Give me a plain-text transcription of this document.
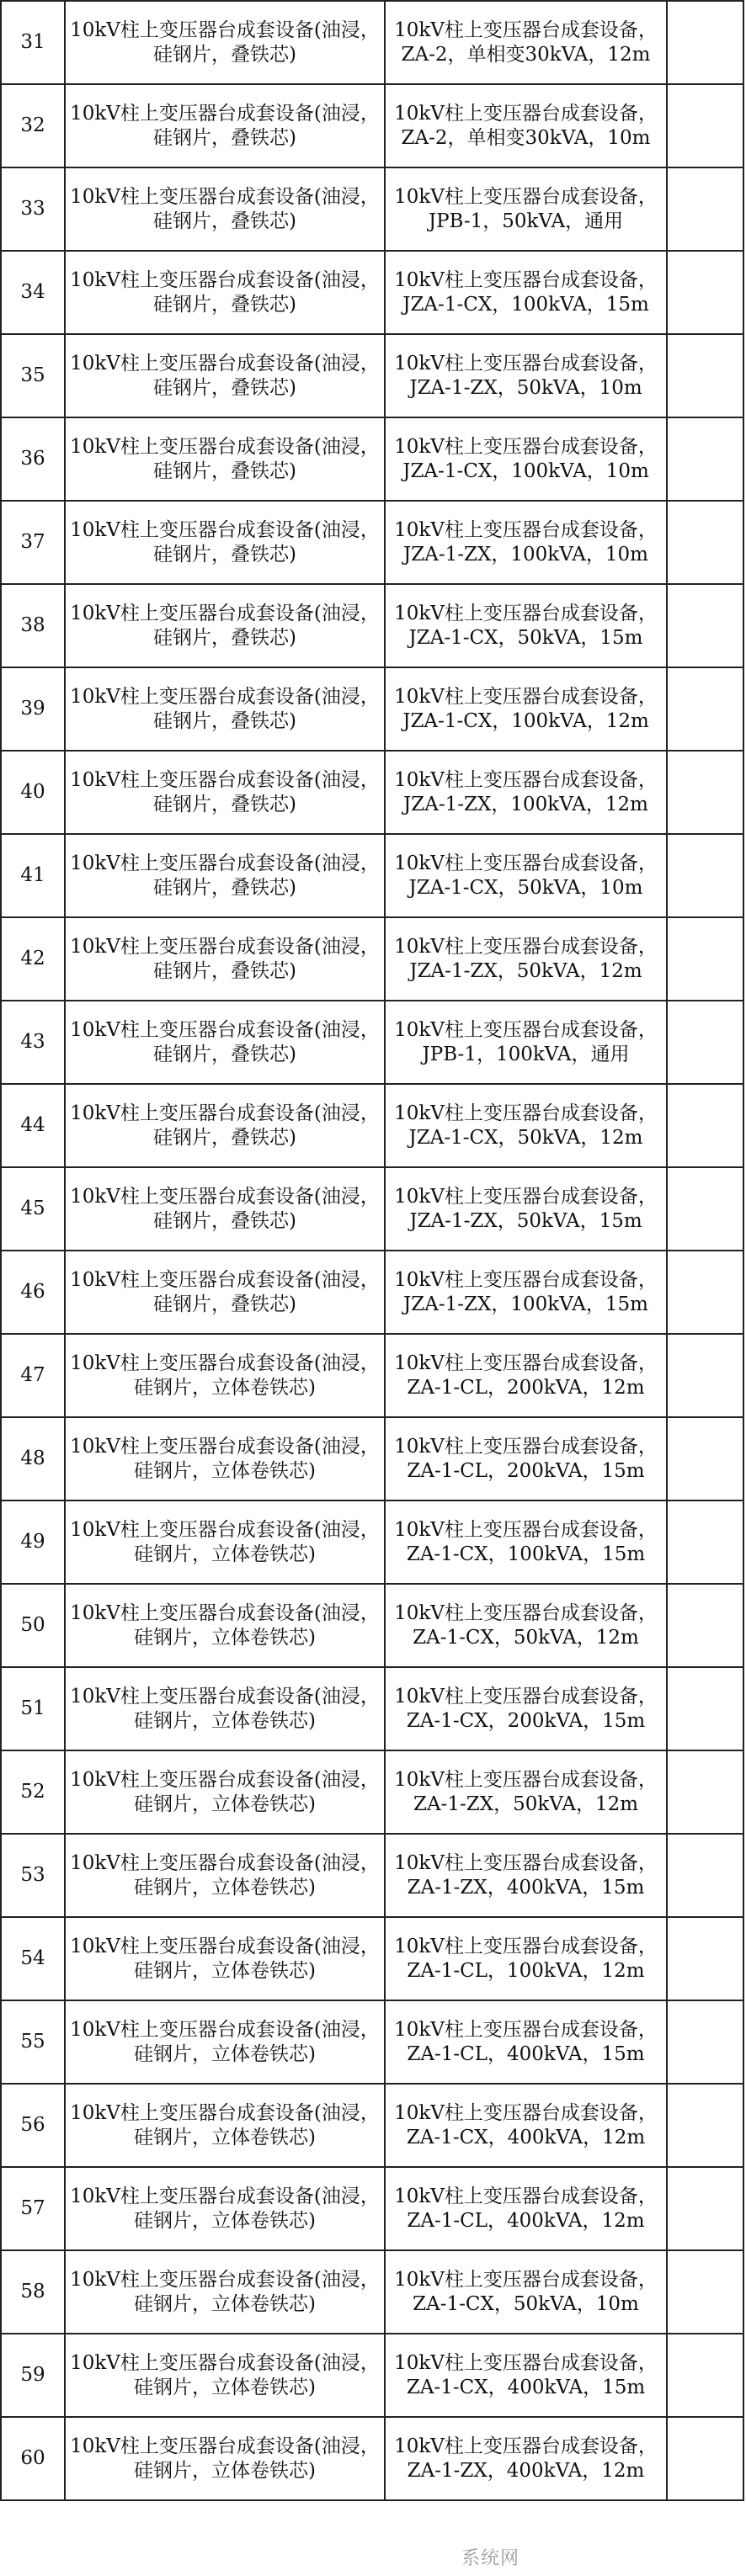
31	10kV柱上变压器台成套设备(油浸，硅钢片，叠铁芯)	10kV柱上变压器台成套设备，ZA-2，单相变30kVA，12m	
32	10kV柱上变压器台成套设备(油浸，硅钢片，叠铁芯)	10kV柱上变压器台成套设备，ZA-2，单相变30kVA，10m	
33	10kV柱上变压器台成套设备(油浸，硅钢片，叠铁芯)	10kV柱上变压器台成套设备，JPB-1，50kVA，通用	
34	10kV柱上变压器台成套设备(油浸，硅钢片，叠铁芯)	10kV柱上变压器台成套设备，JZA-1-CX，100kVA，15m	
35	10kV柱上变压器台成套设备(油浸，硅钢片，叠铁芯)	10kV柱上变压器台成套设备，JZA-1-ZX，50kVA，10m	
36	10kV柱上变压器台成套设备(油浸，硅钢片，叠铁芯)	10kV柱上变压器台成套设备，JZA-1-CX，100kVA，10m	
37	10kV柱上变压器台成套设备(油浸，硅钢片，叠铁芯)	10kV柱上变压器台成套设备，JZA-1-ZX，100kVA，10m	
38	10kV柱上变压器台成套设备(油浸，硅钢片，叠铁芯)	10kV柱上变压器台成套设备，JZA-1-CX，50kVA，15m	
39	10kV柱上变压器台成套设备(油浸，硅钢片，叠铁芯)	10kV柱上变压器台成套设备，JZA-1-CX，100kVA，12m	
40	10kV柱上变压器台成套设备(油浸，硅钢片，叠铁芯)	10kV柱上变压器台成套设备，JZA-1-ZX，100kVA，12m	
41	10kV柱上变压器台成套设备(油浸，硅钢片，叠铁芯)	10kV柱上变压器台成套设备，JZA-1-CX，50kVA，10m	
42	10kV柱上变压器台成套设备(油浸，硅钢片，叠铁芯)	10kV柱上变压器台成套设备，JZA-1-ZX，50kVA，12m	
43	10kV柱上变压器台成套设备(油浸，硅钢片，叠铁芯)	10kV柱上变压器台成套设备，JPB-1，100kVA，通用	
44	10kV柱上变压器台成套设备(油浸，硅钢片，叠铁芯)	10kV柱上变压器台成套设备，JZA-1-CX，50kVA，12m	
45	10kV柱上变压器台成套设备(油浸，硅钢片，叠铁芯)	10kV柱上变压器台成套设备，JZA-1-ZX，50kVA，15m	
46	10kV柱上变压器台成套设备(油浸，硅钢片，叠铁芯)	10kV柱上变压器台成套设备，JZA-1-ZX，100kVA，15m	
47	10kV柱上变压器台成套设备(油浸，硅钢片，立体卷铁芯)	10kV柱上变压器台成套设备，ZA-1-CL，200kVA，12m	
48	10kV柱上变压器台成套设备(油浸，硅钢片，立体卷铁芯)	10kV柱上变压器台成套设备，ZA-1-CL，200kVA，15m	
49	10kV柱上变压器台成套设备(油浸，硅钢片，立体卷铁芯)	10kV柱上变压器台成套设备，ZA-1-CX，100kVA，15m	
50	10kV柱上变压器台成套设备(油浸，硅钢片，立体卷铁芯)	10kV柱上变压器台成套设备，ZA-1-CX，50kVA，12m	
51	10kV柱上变压器台成套设备(油浸，硅钢片，立体卷铁芯)	10kV柱上变压器台成套设备，ZA-1-CX，200kVA，15m	
52	10kV柱上变压器台成套设备(油浸，硅钢片，立体卷铁芯)	10kV柱上变压器台成套设备，ZA-1-ZX，50kVA，12m	
53	10kV柱上变压器台成套设备(油浸，硅钢片，立体卷铁芯)	10kV柱上变压器台成套设备，ZA-1-ZX，400kVA，15m	
54	10kV柱上变压器台成套设备(油浸，硅钢片，立体卷铁芯)	10kV柱上变压器台成套设备，ZA-1-CL，100kVA，12m	
55	10kV柱上变压器台成套设备(油浸，硅钢片，立体卷铁芯)	10kV柱上变压器台成套设备，ZA-1-CL，400kVA，15m	
56	10kV柱上变压器台成套设备(油浸，硅钢片，立体卷铁芯)	10kV柱上变压器台成套设备，ZA-1-CX，400kVA，12m	
57	10kV柱上变压器台成套设备(油浸，硅钢片，立体卷铁芯)	10kV柱上变压器台成套设备，ZA-1-CL，400kVA，12m	
58	10kV柱上变压器台成套设备(油浸，硅钢片，立体卷铁芯)	10kV柱上变压器台成套设备，ZA-1-CX，50kVA，10m	
59	10kV柱上变压器台成套设备(油浸，硅钢片，立体卷铁芯)	10kV柱上变压器台成套设备，ZA-1-CX，400kVA，15m	
60	10kV柱上变压器台成套设备(油浸，硅钢片，立体卷铁芯)	10kV柱上变压器台成套设备，ZA-1-ZX，400kVA，12m	
系统网
